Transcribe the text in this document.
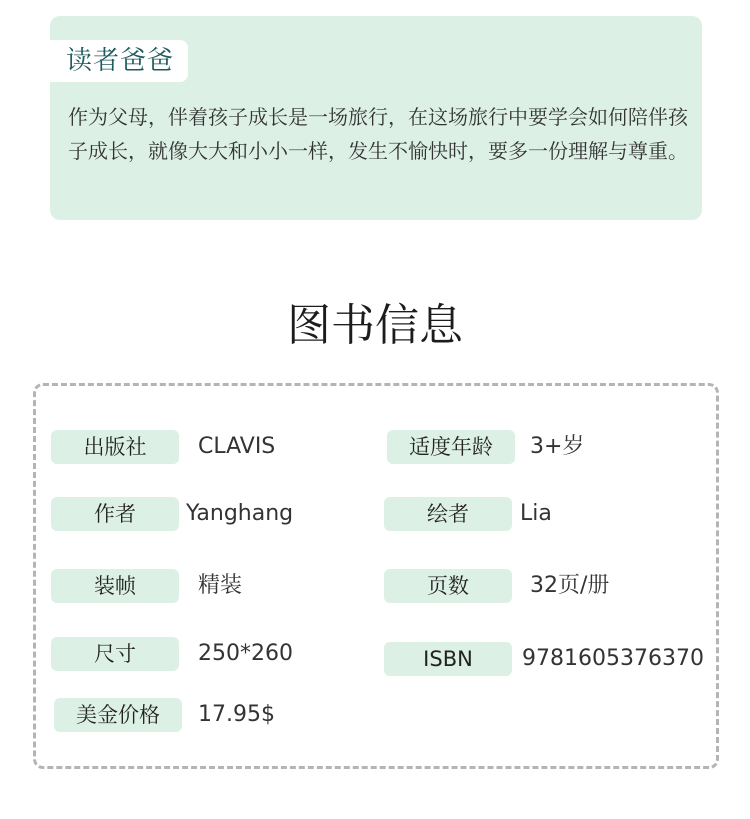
读者爸爸
作为父母，伴着孩子成长是一场旅行，在这场旅行中要学会如何陪伴孩子成长，就像大大和小小一样，发生不愉快时，要多一份理解与尊重。
图书信息
出版社	CLAVIS	适度年龄	3+岁
作者	Yanghang	绘者	Lia
装帧	精装	页数	32页/册
尺寸	250*260	ISBN	9781605376370
美金价格	17.95$
